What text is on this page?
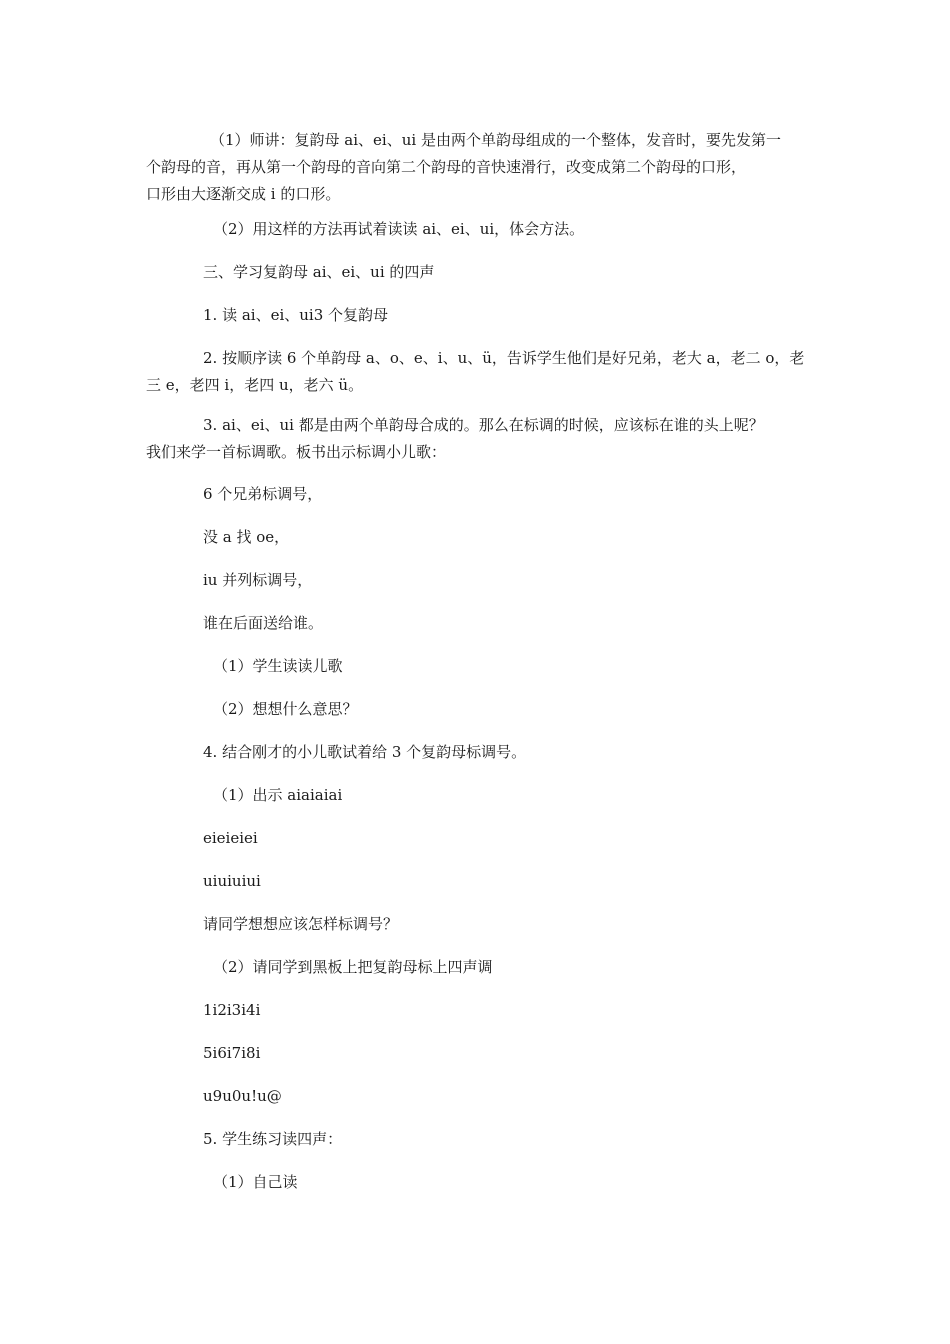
（1）师讲：复韵母 ai、ei、ui 是由两个单韵母组成的一个整体，发音时，要先发第一
个韵母的音，再从第一个韵母的音向第二个韵母的音快速滑行，改变成第二个韵母的口形，
口形由大逐渐交成 i 的口形。

（2）用这样的方法再试着读读 ai、ei、ui，体会方法。

三、学习复韵母 ai、ei、ui 的四声

1. 读 ai、ei、ui3 个复韵母

2. 按顺序读 6 个单韵母 a、o、e、i、u、ü，告诉学生他们是好兄弟，老大 a，老二 o，老
三 e，老四 i，老四 u，老六 ü。

3. ai、ei、ui 都是由两个单韵母合成的。那么在标调的时候，应该标在谁的头上呢？
我们来学一首标调歌。板书出示标调小儿歌：

6 个兄弟标调号，

没 a 找 oe，

iu 并列标调号，

谁在后面送给谁。

（1）学生读读儿歌

（2）想想什么意思？

4. 结合刚才的小儿歌试着给 3 个复韵母标调号。

（1）出示 aiaiaiai

eieieiei

uiuiuiui

请同学想想应该怎样标调号？

（2）请同学到黑板上把复韵母标上四声调

1i2i3i4i

5i6i7i8i

u9u0u!u@

5. 学生练习读四声：

（1）自己读
